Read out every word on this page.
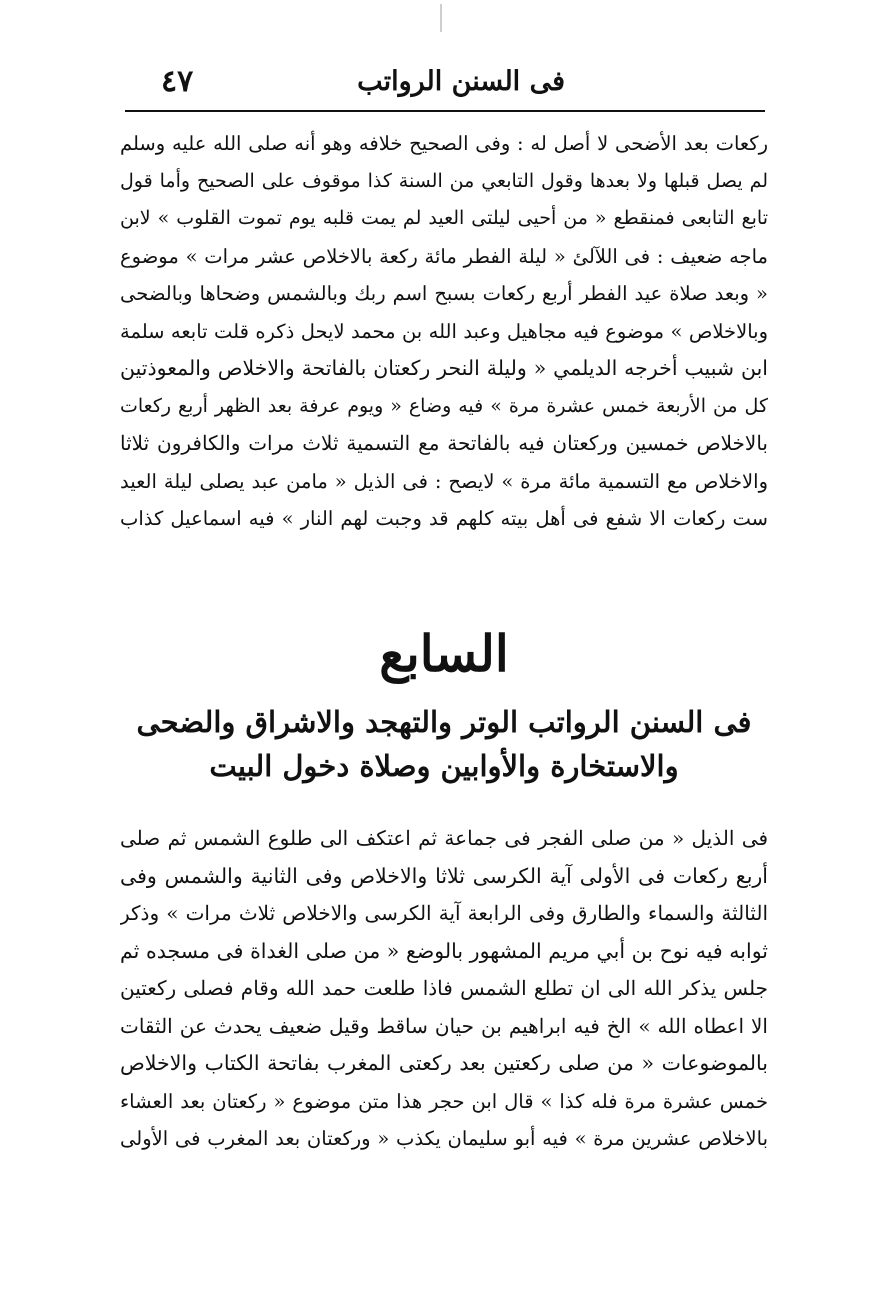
فى السنن الرواتب
٤٧
ركعات بعد الأضحى لا أصل له : وفى الصحيح خلافه وهو أنه صلى الله عليه وسلم
لم يصل قبلها ولا بعدها وقول التابعي من السنة كذا موقوف على الصحيح وأما قول
تابع التابعى فمنقطع « من أحيى ليلتى العيد لم يمت قلبه يوم تموت القلوب » لابن
ماجه ضعيف : فى اللآلئ « ليلة الفطر مائة ركعة بالاخلاص عشر مرات » موضوع
« وبعد صلاة عيد الفطر أربع ركعات بسبح اسم ربك وبالشمس وضحاها وبالضحى
وبالاخلاص » موضوع فيه مجاهيل وعبد الله بن محمد لايحل ذكره قلت تابعه سلمة
ابن شبيب أخرجه الديلمي « وليلة النحر ركعتان بالفاتحة والاخلاص والمعوذتين
كل من الأربعة خمس عشرة مرة » فيه وضاع « ويوم عرفة بعد الظهر أربع ركعات
بالاخلاص خمسين وركعتان فيه بالفاتحة مع التسمية ثلاث مرات والكافرون ثلاثا
والاخلاص مع التسمية مائة مرة » لايصح : فى الذيل « مامن عبد يصلى ليلة العيد
ست ركعات الا شفع فى أهل بيته كلهم قد وجبت لهم النار » فيه اسماعيل كذاب
السابع
فى السنن الرواتب الوتر والتهجد والاشراق والضحى
والاستخارة والأوابين وصلاة دخول البيت
فى الذيل « من صلى الفجر فى جماعة ثم اعتكف الى طلوع الشمس ثم صلى
أربع ركعات فى الأولى آية الكرسى ثلاثا والاخلاص وفى الثانية والشمس وفى
الثالثة والسماء والطارق وفى الرابعة آية الكرسى والاخلاص ثلاث مرات » وذكر
ثوابه فيه نوح بن أبي مريم المشهور بالوضع « من صلى الغداة فى مسجده ثم
جلس يذكر الله الى ان تطلع الشمس فاذا طلعت حمد الله وقام فصلى ركعتين
الا اعطاه الله » الخ فيه ابراهيم بن حيان ساقط وقيل ضعيف يحدث عن الثقات
بالموضوعات « من صلى ركعتين بعد ركعتى المغرب بفاتحة الكتاب والاخلاص
خمس عشرة مرة فله كذا » قال ابن حجر هذا متن موضوع « ركعتان بعد العشاء
بالاخلاص عشرين مرة » فيه أبو سليمان يكذب « وركعتان بعد المغرب فى الأولى
